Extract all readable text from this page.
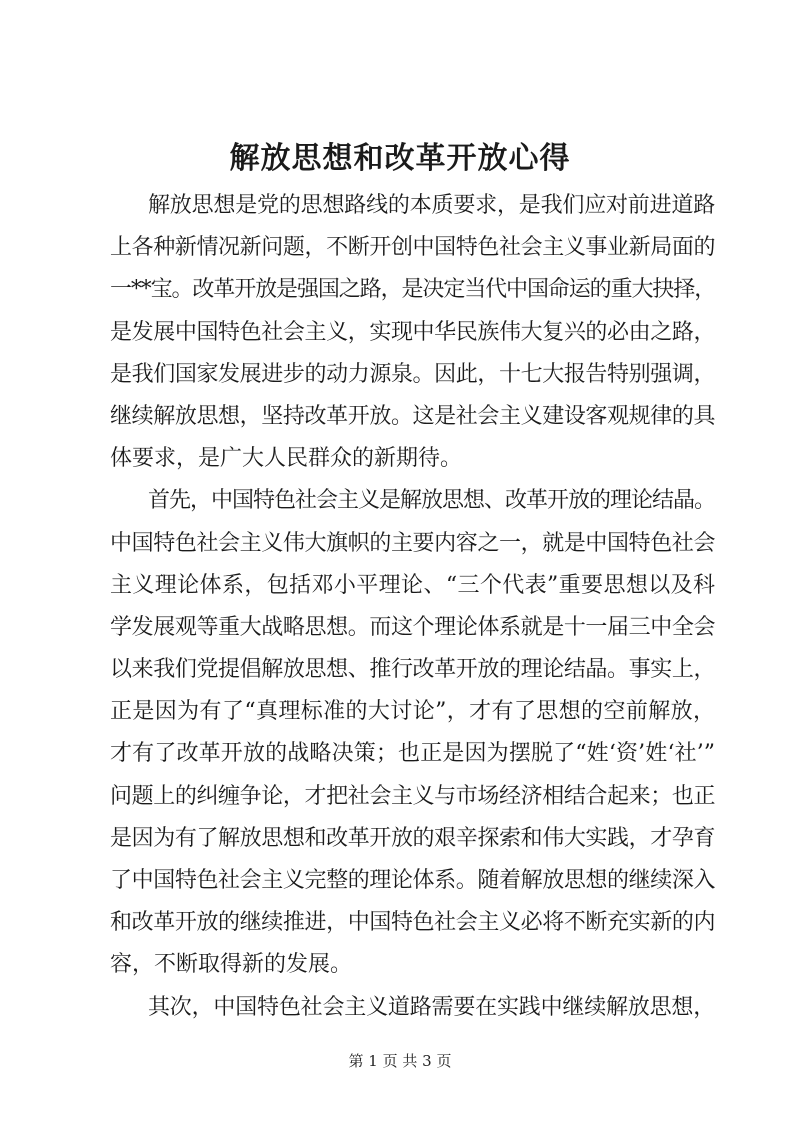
解放思想和改革开放心得
解放思想是党的思想路线的本质要求，是我们应对前进道路
上各种新情况新问题，不断开创中国特色社会主义事业新局面的
一**宝。改革开放是强国之路，是决定当代中国命运的重大抉择，
是发展中国特色社会主义，实现中华民族伟大复兴的必由之路，
是我们国家发展进步的动力源泉。因此，十七大报告特别强调，
继续解放思想，坚持改革开放。这是社会主义建设客观规律的具
体要求，是广大人民群众的新期待。
首先，中国特色社会主义是解放思想、改革开放的理论结晶。
中国特色社会主义伟大旗帜的主要内容之一，就是中国特色社会
主义理论体系，包括邓小平理论、“三个代表”重要思想以及科
学发展观等重大战略思想。而这个理论体系就是十一届三中全会
以来我们党提倡解放思想、推行改革开放的理论结晶。事实上，
正是因为有了“真理标准的大讨论”，才有了思想的空前解放，
才有了改革开放的战略决策；也正是因为摆脱了“姓‘资’姓‘社’”
问题上的纠缠争论，才把社会主义与市场经济相结合起来；也正
是因为有了解放思想和改革开放的艰辛探索和伟大实践，才孕育
了中国特色社会主义完整的理论体系。随着解放思想的继续深入
和改革开放的继续推进，中国特色社会主义必将不断充实新的内
容，不断取得新的发展。
其次，中国特色社会主义道路需要在实践中继续解放思想，
第 1 页 共 3 页
